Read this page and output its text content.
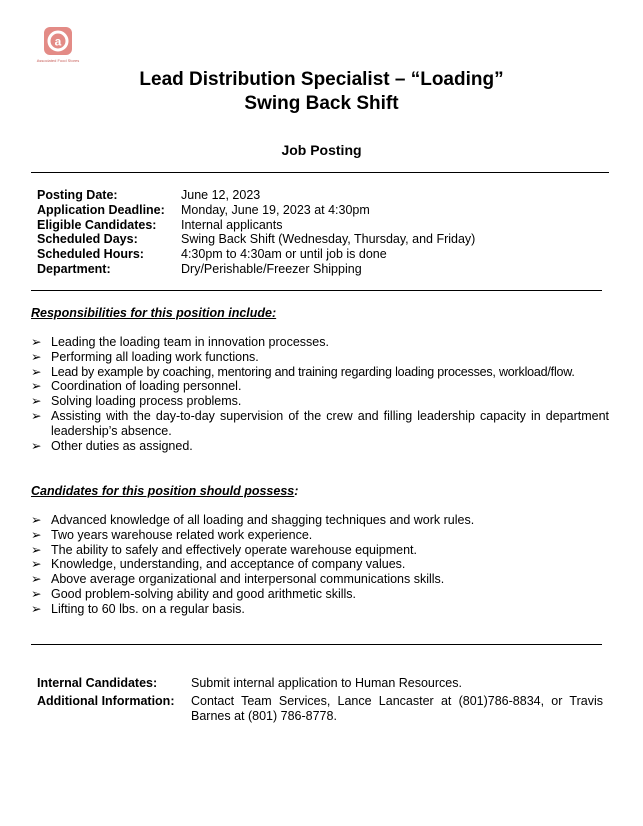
a
Associated Food Stores
Lead Distribution Specialist – “Loading”
Swing Back Shift
Job Posting
Posting Date:	June 12, 2023
Application Deadline: Monday, June 19, 2023 at 4:30pm
Eligible Candidates: Internal applicants
Scheduled Days:	Swing Back Shift (Wednesday, Thursday, and Friday)
Scheduled Hours:	4:30pm to 4:30am or until job is done
Department:	Dry/Perishable/Freezer Shipping
Responsibilities for this position include:
➢ Leading the loading team in innovation processes.
➢ Performing all loading work functions.
➢ Lead by example by coaching, mentoring and training regarding loading processes, workload/flow.
➢ Coordination of loading personnel.
➢ Solving loading process problems.
➢ Assisting with the day-to-day supervision of the crew and filling leadership capacity in department leadership’s absence.
➢ Other duties as assigned.
Candidates for this position should possess:
➢ Advanced knowledge of all loading and shagging techniques and work rules.
➢ Two years warehouse related work experience.
➢ The ability to safely and effectively operate warehouse equipment.
➢ Knowledge, understanding, and acceptance of company values.
➢ Above average organizational and interpersonal communications skills.
➢ Good problem-solving ability and good arithmetic skills.
➢ Lifting to 60 lbs. on a regular basis.
Internal Candidates:	Submit internal application to Human Resources.
Additional Information: Contact Team Services, Lance Lancaster at (801)786-8834, or Travis Barnes at (801) 786-8778.
